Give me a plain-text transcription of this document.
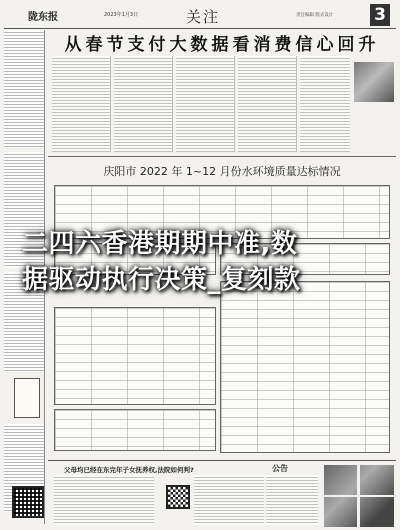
陇东报	2023年1月3日	关注	责任编辑 版式设计	3
从春节支付大数据看消费信心回升
庆阳市 2022 年 1~12 月份水环境质量达标情况
父母均已经在东完年子女抚养权,法院如何判?	公告
二四六香港期期中准,数
据驱动执行决策_复刻款
